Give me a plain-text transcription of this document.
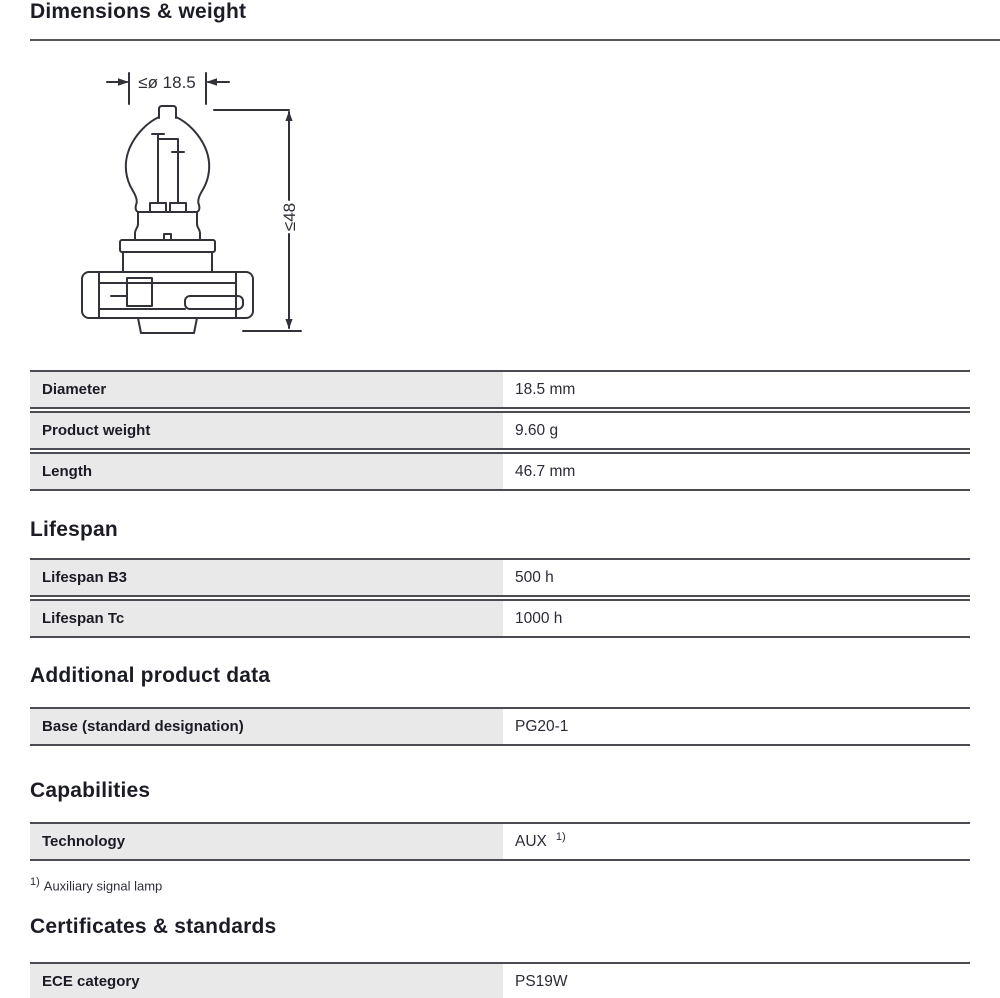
Dimensions & weight
≤ø 18.5
≤48
Diameter	18.5 mm
Product weight	9.60 g
Length	46.7 mm
Lifespan
Lifespan B3	500 h
Lifespan Tc	1000 h
Additional product data
Base (standard designation)	PG20-1
Capabilities
Technology	AUX $^{1)}$
$^{1)}$ Auxiliary signal lamp
Certificates & standards
ECE category	PS19W
